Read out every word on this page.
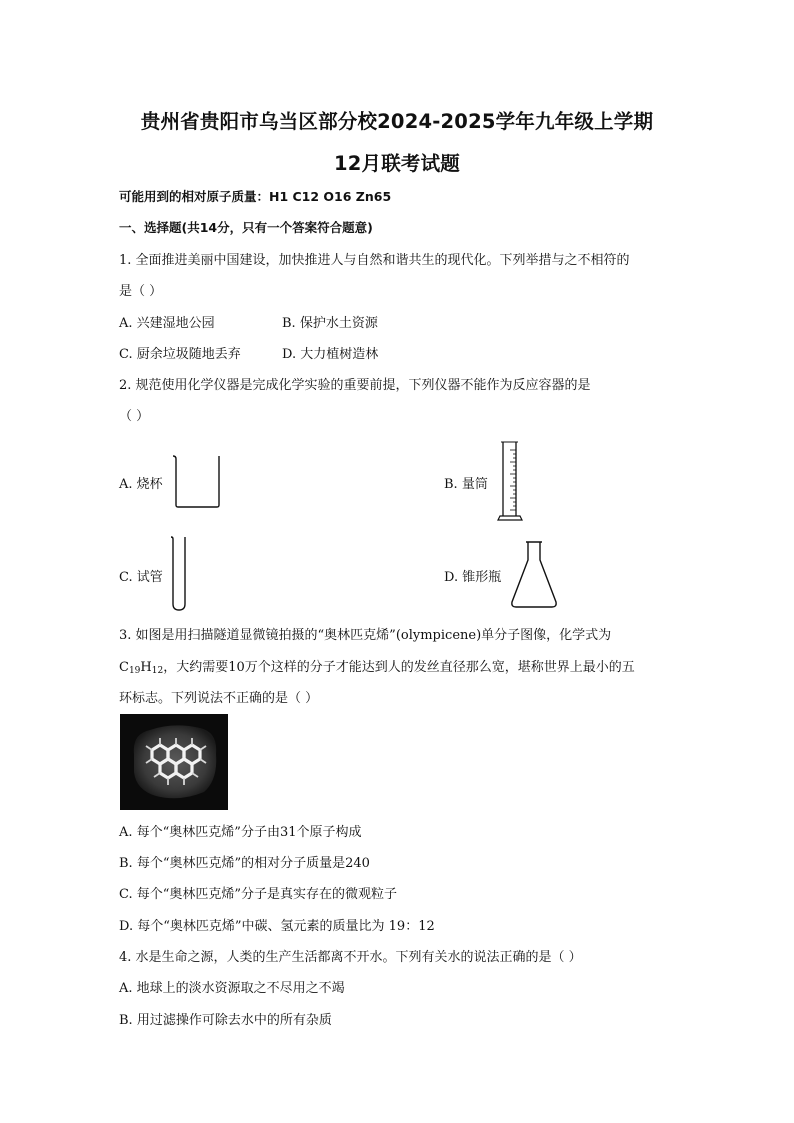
贵州省贵阳市乌当区部分校2024-2025学年九年级上学期
12月联考试题
可能用到的相对原子质量：H1 C12 O16 Zn65
一、选择题(共14分，只有一个答案符合题意)
1. 全面推进美丽中国建设，加快推进人与自然和谐共生的现代化。下列举措与之不相符的
是（ ）
A. 兴建湿地公园	B. 保护水土资源
C. 厨余垃圾随地丢弃	D. 大力植树造林
2. 规范使用化学仪器是完成化学实验的重要前提，下列仪器不能作为反应容器的是
（ ）
A. 烧杯	B. 量筒
C. 试管	D. 锥形瓶
3. 如图是用扫描隧道显微镜拍摄的“奥林匹克烯”(olympicene)单分子图像，化学式为
$C_{19}H_{12}$，大约需要10万个这样的分子才能达到人的发丝直径那么宽，堪称世界上最小的五
环标志。下列说法不正确的是（ ）
A. 每个“奥林匹克烯”分子由31个原子构成
B. 每个“奥林匹克烯”的相对分子质量是240
C. 每个“奥林匹克烯”分子是真实存在的微观粒子
D. 每个“奥林匹克烯”中碳、氢元素的质量比为 19：12
4. 水是生命之源，人类的生产生活都离不开水。下列有关水的说法正确的是（ ）
A. 地球上的淡水资源取之不尽用之不竭
B. 用过滤操作可除去水中的所有杂质
